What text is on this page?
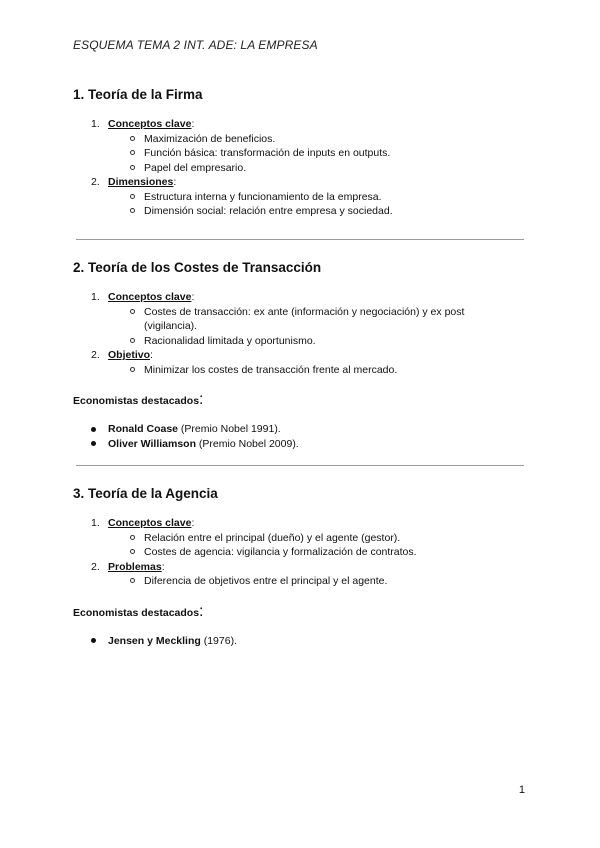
ESQUEMA TEMA 2 INT. ADE: LA EMPRESA
1. Teoría de la Firma
1. Conceptos clave:
Maximización de beneficios.
Función básica: transformación de inputs en outputs.
Papel del empresario.
2. Dimensiones:
Estructura interna y funcionamiento de la empresa.
Dimensión social: relación entre empresa y sociedad.
2. Teoría de los Costes de Transacción
1. Conceptos clave:
Costes de transacción: ex ante (información y negociación) y ex post (vigilancia).
Racionalidad limitada y oportunismo.
2. Objetivo:
Minimizar los costes de transacción frente al mercado.
Economistas destacados:
Ronald Coase (Premio Nobel 1991).
Oliver Williamson (Premio Nobel 2009).
3. Teoría de la Agencia
1. Conceptos clave:
Relación entre el principal (dueño) y el agente (gestor).
Costes de agencia: vigilancia y formalización de contratos.
2. Problemas:
Diferencia de objetivos entre el principal y el agente.
Economistas destacados:
Jensen y Meckling (1976).
1
